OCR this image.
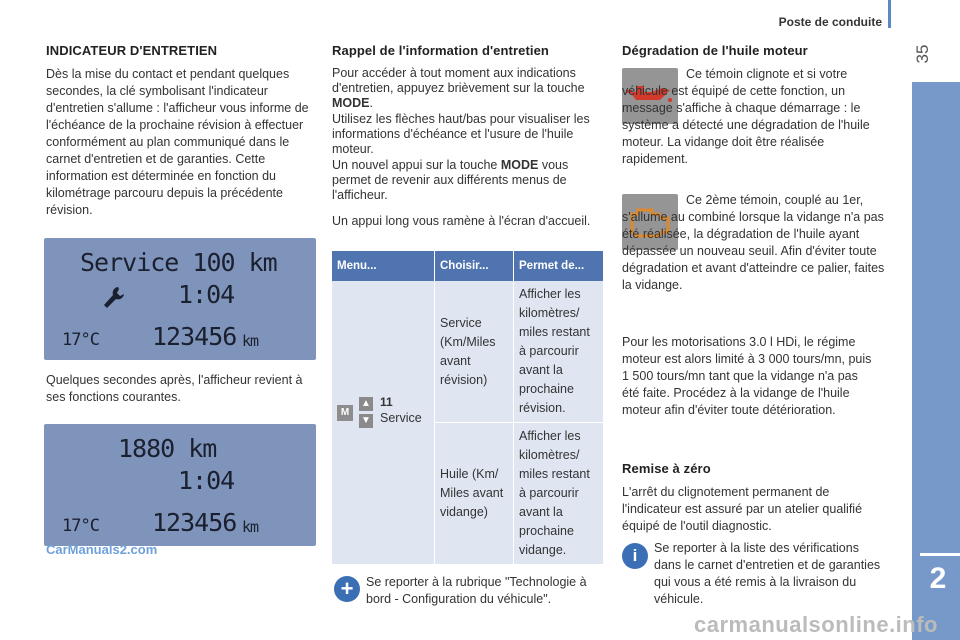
Poste de conduite
35
PRÊT À PARTIR
2
INDICATEUR D'ENTRETIEN

Dès la mise du contact et pendant quelques secondes, la clé symbolisant l'indicateur d'entretien s'allume : l'afficheur vous informe de l'échéance de la prochaine révision à effectuer conformément au plan communiqué dans le carnet d'entretien et de garanties. Cette information est déterminée en fonction du kilométrage parcouru depuis la précédente révision.

Service 100 km
1:04
17°C 123456 km

Quelques secondes après, l'afficheur revient à ses fonctions courantes.

1880 km
1:04
17°C 123456 km
CarManuals2.com
Rappel de l'information d'entretien

Pour accéder à tout moment aux indications d'entretien, appuyez brièvement sur la touche MODE.

Utilisez les flèches haut/bas pour visualiser les informations d'échéance et l'usure de l'huile moteur.

Un nouvel appui sur la touche MODE vous permet de revenir aux différents menus de l'afficheur.

Un appui long vous ramène à l'écran d'accueil.

Menu...	Choisir...	Permet de...

M
▲
▼
11
Service	Service (Km/Miles avant révision)	Afficher les kilomètres/ miles restant à parcourir avant la prochaine révision.
	Huile (Km/ Miles avant vidange)	Afficher les kilomètres/ miles restant à parcourir avant la prochaine vidange.
+	Se reporter à la rubrique "Technologie à bord - Configuration du véhicule".

Dégradation de l'huile moteur

Ce témoin clignote et si votre véhicule est équipé de cette fonction, un message s'affiche à chaque démarrage : le système a détecté une dégradation de l'huile moteur. La vidange doit être réalisée rapidement.

Ce 2ème témoin, couplé au 1er, s'allume au combiné lorsque la vidange n'a pas été réalisée, la dégradation de l'huile ayant dépassée un nouveau seuil. Afin d'éviter toute dégradation et avant d'atteindre ce palier, faites la vidange.

Pour les motorisations 3.0 l HDi, le régime moteur est alors limité à 3 000 tours/mn, puis 1 500 tours/mn tant que la vidange n'a pas été faite. Procédez à la vidange de l'huile moteur afin d'éviter toute détérioration.

Remise à zéro

L'arrêt du clignotement permanent de l'indicateur est assuré par un atelier qualifié équipé de l'outil diagnostic.

i	Se reporter à la liste des vérifications dans le carnet d'entretien et de garanties qui vous a été remis à la livraison du véhicule.

carmanualsonline.info
